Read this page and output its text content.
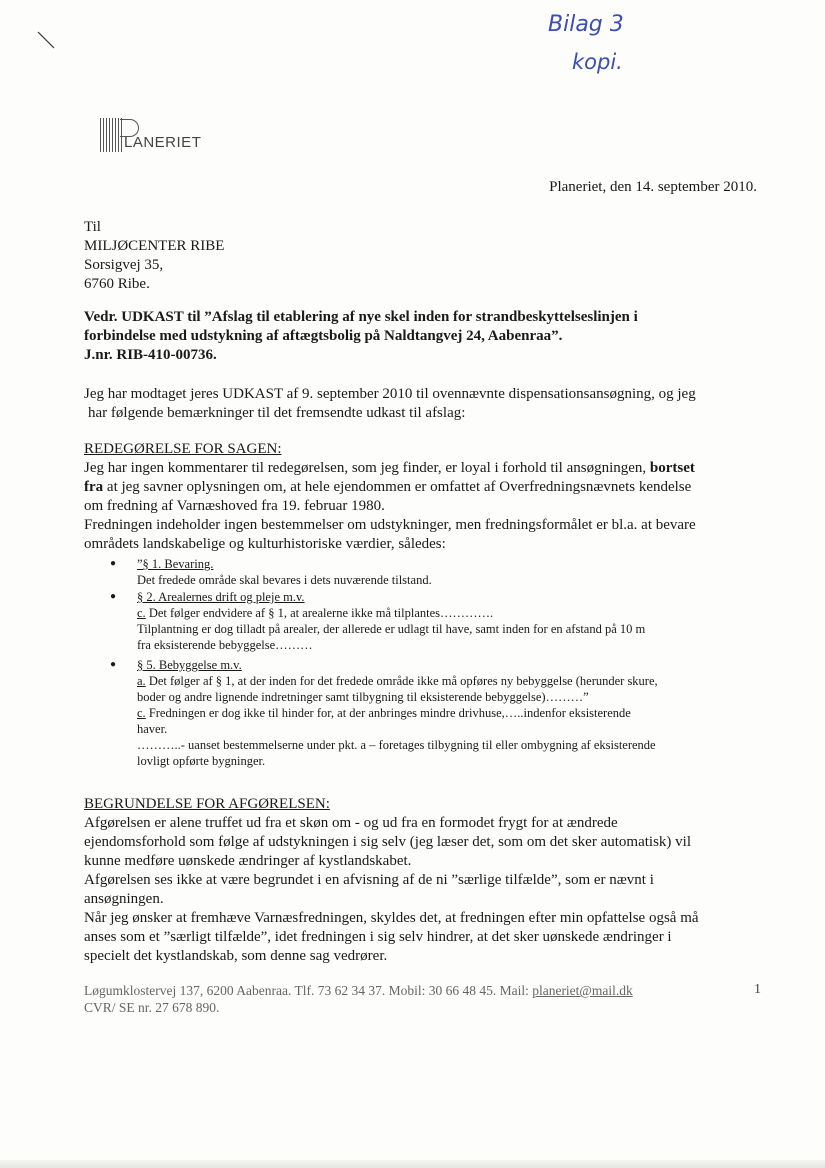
Bilag 3
kopi.
LANERIET
Planeriet, den 14. september 2010.
Til
MILJØCENTER RIBE
Sorsigvej 35,
6760 Ribe.
Vedr. UDKAST til ”Afslag til etablering af nye skel inden for strandbeskyttelseslinjen i
forbindelse med udstykning af aftægtsbolig på Naldtangvej 24, Aabenraa”.
J.nr. RIB-410-00736.
Jeg har modtaget jeres UDKAST af 9. september 2010 til ovennævnte dispensationsansøgning, og jeg
har følgende bemærkninger til det fremsendte udkast til afslag:
REDEGØRELSE FOR SAGEN:
Jeg har ingen kommentarer til redegørelsen, som jeg finder, er loyal i forhold til ansøgningen, bortset
fra at jeg savner oplysningen om, at hele ejendommen er omfattet af Overfredningsnævnets kendelse
om fredning af Varnæshoved fra 19. februar 1980.
Fredningen indeholder ingen bestemmelser om udstykninger, men fredningsformålet er bl.a. at bevare
områdets landskabelige og kulturhistoriske værdier, således:
● ”§ 1. Bevaring.
Det fredede område skal bevares i dets nuværende tilstand.
● § 2. Arealernes drift og pleje m.v.
c. Det følger endvidere af § 1, at arealerne ikke må tilplantes………….
Tilplantning er dog tilladt på arealer, der allerede er udlagt til have, samt inden for en afstand på 10 m
fra eksisterende bebyggelse………
● § 5. Bebyggelse m.v.
a. Det følger af § 1, at der inden for det fredede område ikke må opføres ny bebyggelse (herunder skure,
boder og andre lignende indretninger samt tilbygning til eksisterende bebyggelse)………”
c. Fredningen er dog ikke til hinder for, at der anbringes mindre drivhuse,…..indenfor eksisterende
haver.
………..- uanset bestemmelserne under pkt. a – foretages tilbygning til eller ombygning af eksisterende
lovligt opførte bygninger.
BEGRUNDELSE FOR AFGØRELSEN:
Afgørelsen er alene truffet ud fra et skøn om - og ud fra en formodet frygt for at ændrede
ejendomsforhold som følge af udstykningen i sig selv (jeg læser det, som om det sker automatisk) vil
kunne medføre uønskede ændringer af kystlandskabet.
Afgørelsen ses ikke at være begrundet i en afvisning af de ni ”særlige tilfælde”, som er nævnt i
ansøgningen.
Når jeg ønsker at fremhæve Varnæsfredningen, skyldes det, at fredningen efter min opfattelse også må
anses som et ”særligt tilfælde”, idet fredningen i sig selv hindrer, at det sker uønskede ændringer i
specielt det kystlandskab, som denne sag vedrører.
Løgumklostervej 137, 6200 Aabenraa. Tlf. 73 62 34 37. Mobil: 30 66 48 45. Mail: planeriet@mail.dk
CVR/ SE nr. 27 678 890.
1
